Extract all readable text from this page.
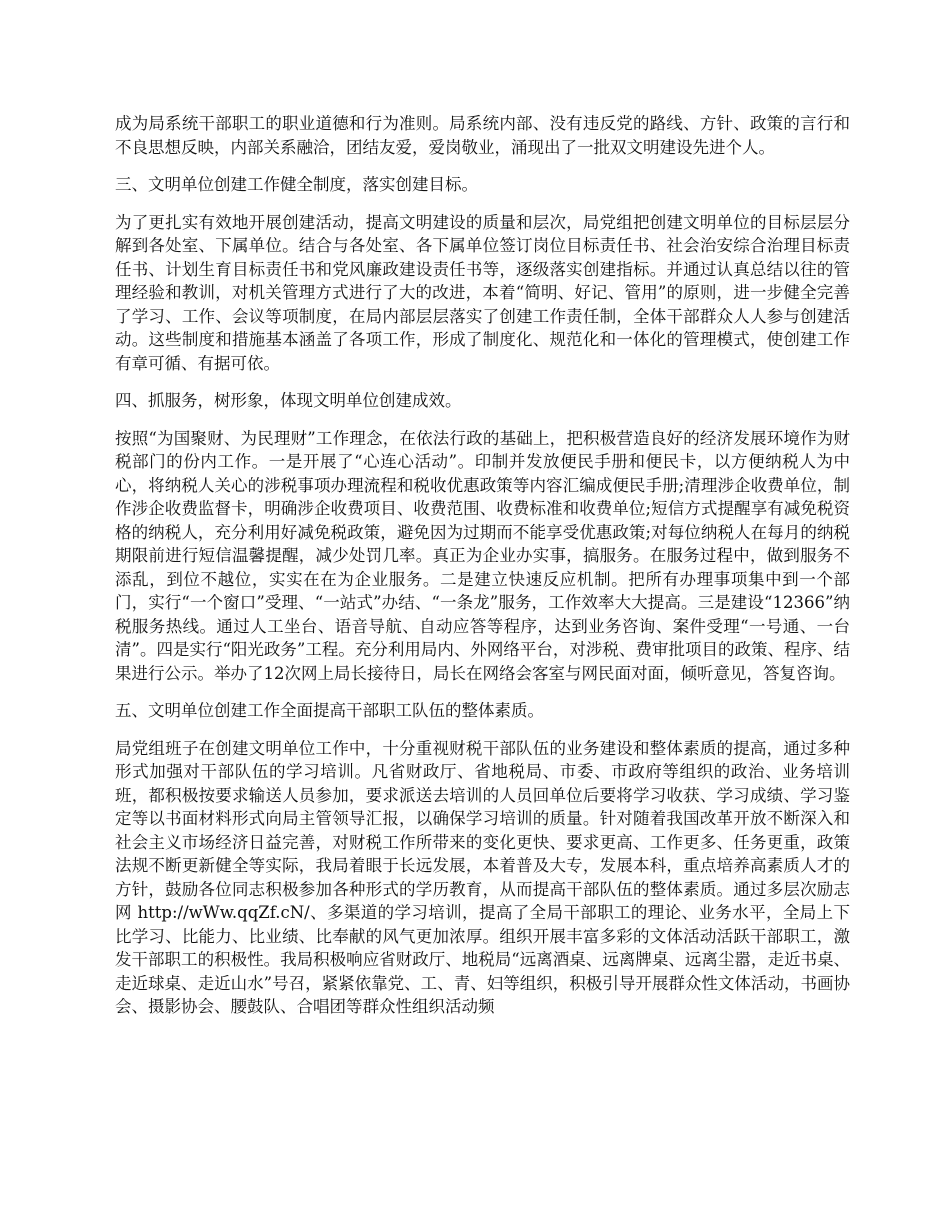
成为局系统干部职工的职业道德和行为准则。局系统内部、没有违反党的路线、方针、政策的言行和不良思想反映，内部关系融洽，团结友爱，爱岗敬业，涌现出了一批双文明建设先进个人。

三、文明单位创建工作健全制度，落实创建目标。

为了更扎实有效地开展创建活动，提高文明建设的质量和层次，局党组把创建文明单位的目标层层分解到各处室、下属单位。结合与各处室、各下属单位签订岗位目标责任书、社会治安综合治理目标责任书、计划生育目标责任书和党风廉政建设责任书等，逐级落实创建指标。并通过认真总结以往的管理经验和教训，对机关管理方式进行了大的改进，本着“简明、好记、管用”的原则，进一步健全完善了学习、工作、会议等项制度，在局内部层层落实了创建工作责任制，全体干部群众人人参与创建活动。这些制度和措施基本涵盖了各项工作，形成了制度化、规范化和一体化的管理模式，使创建工作有章可循、有据可依。

四、抓服务，树形象，体现文明单位创建成效。

按照“为国聚财、为民理财”工作理念，在依法行政的基础上，把积极营造良好的经济发展环境作为财税部门的份内工作。一是开展了“心连心活动”。印制并发放便民手册和便民卡，以方便纳税人为中心，将纳税人关心的涉税事项办理流程和税收优惠政策等内容汇编成便民手册;清理涉企收费单位，制作涉企收费监督卡，明确涉企收费项目、收费范围、收费标准和收费单位;短信方式提醒享有减免税资格的纳税人，充分利用好减免税政策，避免因为过期而不能享受优惠政策;对每位纳税人在每月的纳税期限前进行短信温馨提醒，减少处罚几率。真正为企业办实事，搞服务。在服务过程中，做到服务不添乱，到位不越位，实实在在为企业服务。二是建立快速反应机制。把所有办理事项集中到一个部门，实行“一个窗口”受理、“一站式”办结、“一条龙”服务，工作效率大大提高。三是建设“12366”纳税服务热线。通过人工坐台、语音导航、自动应答等程序，达到业务咨询、案件受理“一号通、一台清”。四是实行“阳光政务”工程。充分利用局内、外网络平台，对涉税、费审批项目的政策、程序、结果进行公示。举办了12次网上局长接待日，局长在网络会客室与网民面对面，倾听意见，答复咨询。

五、文明单位创建工作全面提高干部职工队伍的整体素质。

局党组班子在创建文明单位工作中，十分重视财税干部队伍的业务建设和整体素质的提高，通过多种形式加强对干部队伍的学习培训。凡省财政厅、省地税局、市委、市政府等组织的政治、业务培训班，都积极按要求输送人员参加，要求派送去培训的人员回单位后要将学习收获、学习成绩、学习鉴定等以书面材料形式向局主管领导汇报，以确保学习培训的质量。针对随着我国改革开放不断深入和社会主义市场经济日益完善，对财税工作所带来的变化更快、要求更高、工作更多、任务更重，政策法规不断更新健全等实际，我局着眼于长远发展，本着普及大专，发展本科，重点培养高素质人才的方针，鼓励各位同志积极参加各种形式的学历教育，从而提高干部队伍的整体素质。通过多层次励志网 http://wWw.qqZf.cN/、多渠道的学习培训，提高了全局干部职工的理论、业务水平，全局上下比学习、比能力、比业绩、比奉献的风气更加浓厚。组织开展丰富多彩的文体活动活跃干部职工，激发干部职工的积极性。我局积极响应省财政厅、地税局“远离酒桌、远离牌桌、远离尘嚣，走近书桌、走近球桌、走近山水”号召，紧紧依靠党、工、青、妇等组织，积极引导开展群众性文体活动，书画协会、摄影协会、腰鼓队、合唱团等群众性组织活动频
